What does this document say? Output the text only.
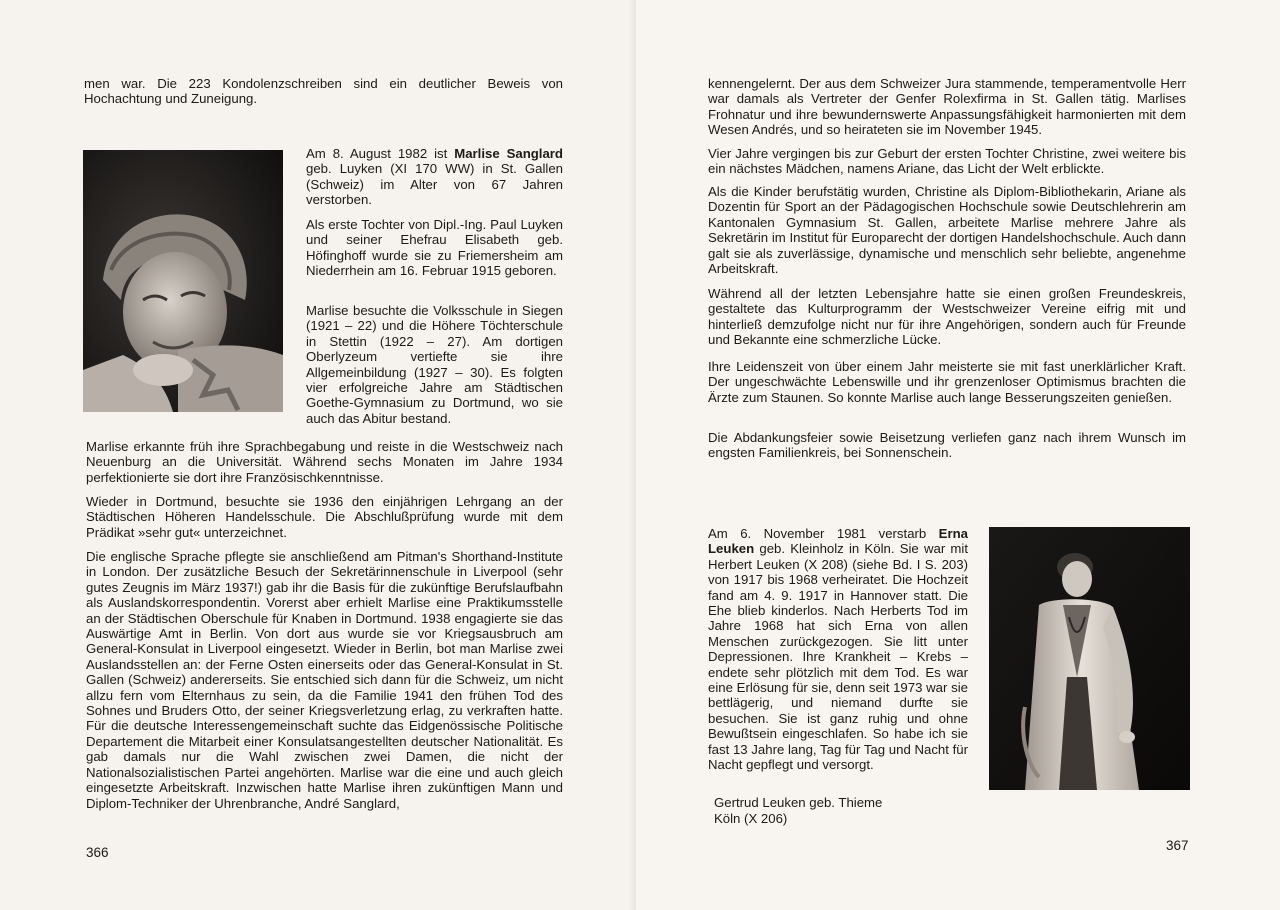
men war. Die 223 Kondolenzschreiben sind ein deutlicher Beweis von Hochachtung und Zuneigung.

Am 8. August 1982 ist Marlise Sanglard geb. Luyken (XI 170 WW) in St. Gallen (Schweiz) im Alter von 67 Jahren verstorben.

Als erste Tochter von Dipl.-Ing. Paul Luyken und seiner Ehefrau Elisabeth geb. Höfinghoff wurde sie zu Friemersheim am Niederrhein am 16. Februar 1915 geboren.

Marlise besuchte die Volksschule in Siegen (1921 – 22) und die Höhere Töchterschule in Stettin (1922 – 27). Am dortigen Oberlyzeum vertiefte sie ihre Allgemeinbildung (1927 – 30). Es folgten vier erfolgreiche Jahre am Städtischen Goethe-Gymnasium zu Dortmund, wo sie auch das Abitur bestand.

Marlise erkannte früh ihre Sprachbegabung und reiste in die Westschweiz nach Neuenburg an die Universität. Während sechs Monaten im Jahre 1934 perfektionierte sie dort ihre Französischkenntnisse.

Wieder in Dortmund, besuchte sie 1936 den einjährigen Lehrgang an der Städtischen Höheren Handelsschule. Die Abschlußprüfung wurde mit dem Prädikat »sehr gut« unterzeichnet.

Die englische Sprache pflegte sie anschließend am Pitman's Shorthand-Institute in London. Der zusätzliche Besuch der Sekretärinnenschule in Liverpool (sehr gutes Zeugnis im März 1937!) gab ihr die Basis für die zukünftige Berufslaufbahn als Auslandskorrespondentin. Vorerst aber erhielt Marlise eine Praktikumsstelle an der Städtischen Oberschule für Knaben in Dortmund. 1938 engagierte sie das Auswärtige Amt in Berlin. Von dort aus wurde sie vor Kriegsausbruch am General-Konsulat in Liverpool eingesetzt. Wieder in Berlin, bot man Marlise zwei Auslandsstellen an: der Ferne Osten einerseits oder das General-Konsulat in St. Gallen (Schweiz) andererseits. Sie entschied sich dann für die Schweiz, um nicht allzu fern vom Elternhaus zu sein, da die Familie 1941 den frühen Tod des Sohnes und Bruders Otto, der seiner Kriegsverletzung erlag, zu verkraften hatte. Für die deutsche Interessengemeinschaft suchte das Eidgenössische Politische Departement die Mitarbeit einer Konsulatsangestellten deutscher Nationalität. Es gab damals nur die Wahl zwischen zwei Damen, die nicht der Nationalsozialistischen Partei angehörten. Marlise war die eine und auch gleich eingesetzte Arbeitskraft. Inzwischen hatte Marlise ihren zukünftigen Mann und Diplom-Techniker der Uhrenbranche, André Sanglard,

366

kennengelernt. Der aus dem Schweizer Jura stammende, temperamentvolle Herr war damals als Vertreter der Genfer Rolexfirma in St. Gallen tätig. Marlises Frohnatur und ihre bewundernswerte Anpassungsfähigkeit harmonierten mit dem Wesen Andrés, und so heirateten sie im November 1945.

Vier Jahre vergingen bis zur Geburt der ersten Tochter Christine, zwei weitere bis ein nächstes Mädchen, namens Ariane, das Licht der Welt erblickte.

Als die Kinder berufstätig wurden, Christine als Diplom-Bibliothekarin, Ariane als Dozentin für Sport an der Pädagogischen Hochschule sowie Deutschlehrerin am Kantonalen Gymnasium St. Gallen, arbeitete Marlise mehrere Jahre als Sekretärin im Institut für Europarecht der dortigen Handelshochschule. Auch dann galt sie als zuverlässige, dynamische und menschlich sehr beliebte, angenehme Arbeitskraft.

Während all der letzten Lebensjahre hatte sie einen großen Freundeskreis, gestaltete das Kulturprogramm der Westschweizer Vereine eifrig mit und hinterließ demzufolge nicht nur für ihre Angehörigen, sondern auch für Freunde und Bekannte eine schmerzliche Lücke.

Ihre Leidenszeit von über einem Jahr meisterte sie mit fast unerklärlicher Kraft. Der ungeschwächte Lebenswille und ihr grenzenloser Optimismus brachten die Ärzte zum Staunen. So konnte Marlise auch lange Besserungszeiten genießen.

Die Abdankungsfeier sowie Beisetzung verliefen ganz nach ihrem Wunsch im engsten Familienkreis, bei Sonnenschein.

Am 6. November 1981 verstarb Erna Leuken geb. Kleinholz in Köln. Sie war mit Herbert Leuken (X 208) (siehe Bd. I S. 203) von 1917 bis 1968 verheiratet. Die Hochzeit fand am 4. 9. 1917 in Hannover statt. Die Ehe blieb kinderlos. Nach Herberts Tod im Jahre 1968 hat sich Erna von allen Menschen zurückgezogen. Sie litt unter Depressionen. Ihre Krankheit – Krebs – endete sehr plötzlich mit dem Tod. Es war eine Erlösung für sie, denn seit 1973 war sie bettlägerig, und niemand durfte sie besuchen. Sie ist ganz ruhig und ohne Bewußtsein eingeschlafen. So habe ich sie fast 13 Jahre lang, Tag für Tag und Nacht für Nacht gepflegt und versorgt.

Gertrud Leuken geb. Thieme

Köln (X 206)

367
